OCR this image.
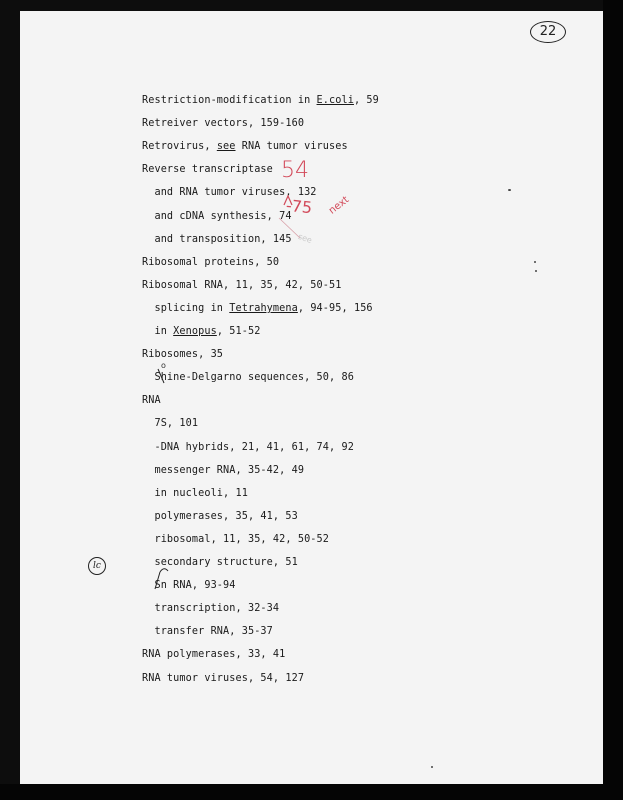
22
Restriction-modification in E.coli, 59
Retreiver vectors, 159-160
Retrovirus, see RNA tumor viruses
Reverse transcriptase
and RNA tumor viruses, 132
and cDNA synthesis, 74
and transposition, 145
Ribosomal proteins, 50
Ribosomal RNA, 11, 35, 42, 50-51
splicing in Tetrahymena, 94-95, 156
in Xenopus, 51-52
Ribosomes, 35
Shine-Delgarno sequences, 50, 86
RNA
7S, 101
-DNA hybrids, 21, 41, 61, 74, 92
messenger RNA, 35-42, 49
in nucleoli, 11
polymerases, 35, 41, 53
ribosomal, 11, 35, 42, 50-52
secondary structure, 51
Sn RNA, 93-94
transcription, 32-34
transfer RNA, 35-37
RNA polymerases, 33, 41
RNA tumor viruses, 54, 127
lc
54
-75 next
see
o
